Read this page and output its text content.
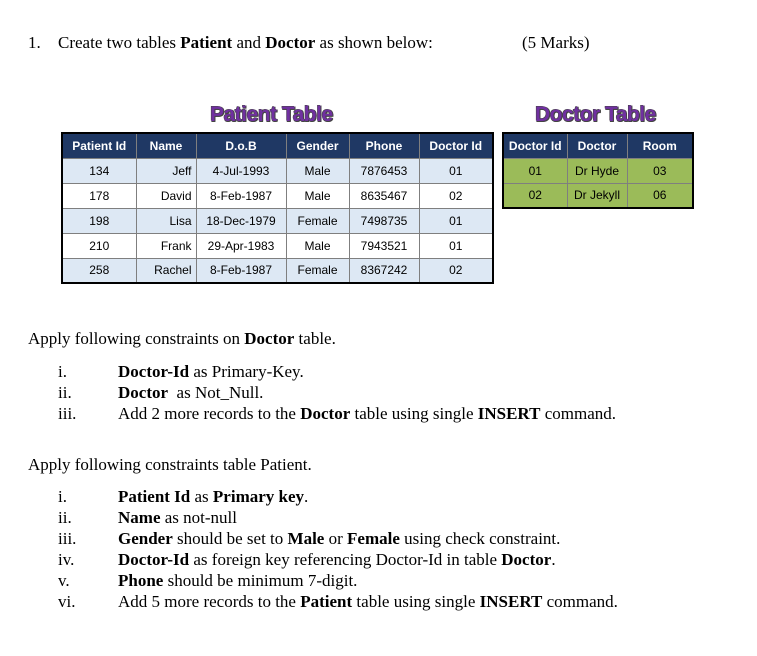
1. Create two tables Patient and Doctor as shown below:	(5 Marks)
Patient Table	Doctor Table
Patient Id	Name	D.o.B	Gender	Phone	Doctor Id
134	Jeff	4-Jul-1993	Male	7876453	01
178	David	8-Feb-1987	Male	8635467	02
198	Lisa	18-Dec-1979	Female	7498735	01
210	Frank	29-Apr-1983	Male	7943521	01
258	Rachel	8-Feb-1987	Female	8367242	02
Doctor Id	Doctor	Room
01	Dr Hyde	03
02	Dr Jekyll	06
Apply following constraints on Doctor table.
i.	Doctor-Id as Primary-Key.
ii.	Doctor  as Not_Null.
iii. Add 2 more records to the Doctor table using single INSERT command.
Apply following constraints table Patient.
i.	Patient Id as Primary key.
ii.	Name as not-null
iii. Gender should be set to Male or Female using check constraint.
iv.	Doctor-Id as foreign key referencing Doctor-Id in table Doctor.
v.	Phone should be minimum 7-digit.
vi.	Add 5 more records to the Patient table using single INSERT command.
